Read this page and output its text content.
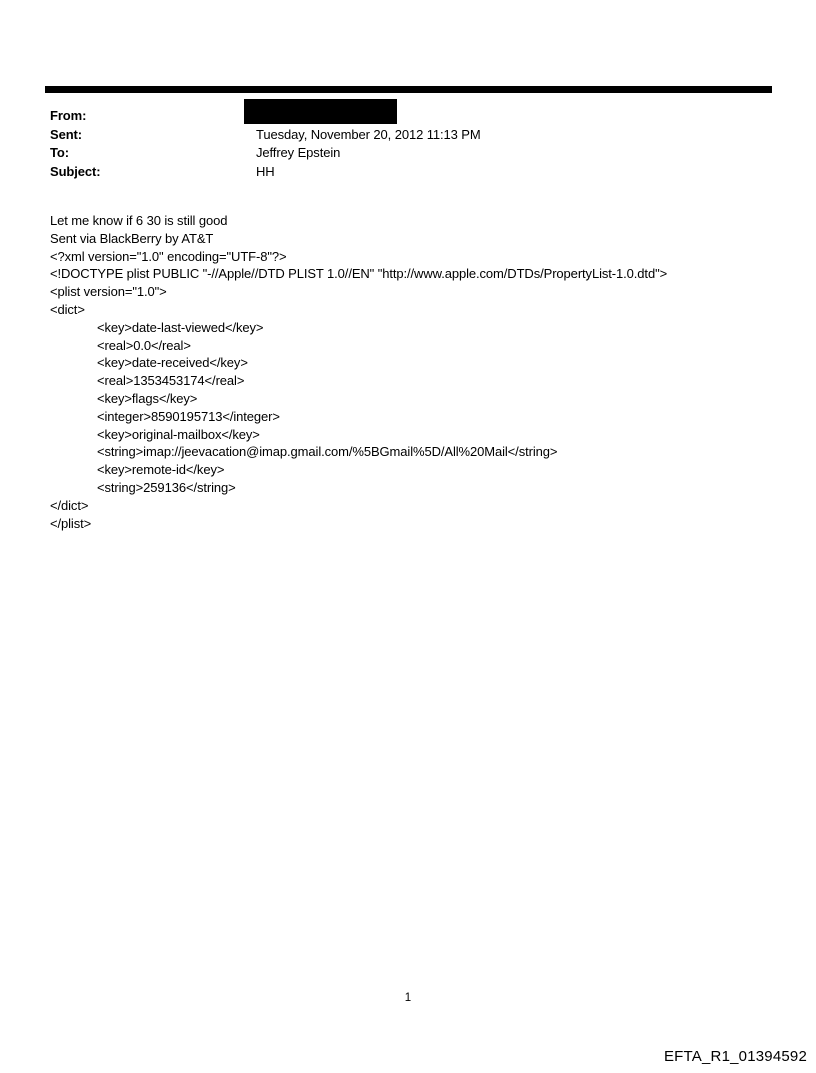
From:
Sent:	Tuesday, November 20, 2012 11:13 PM
To:	Jeffrey Epstein
Subject:	HH
Let me know if 6 30 is still good
Sent via BlackBerry by AT&T
<?xml version="1.0" encoding="UTF-8"?>
<!DOCTYPE plist PUBLIC "-//Apple//DTD PLIST 1.0//EN" "http://www.apple.com/DTDs/PropertyList-1.0.dtd">
<plist version="1.0">
<dict>
<key>date-last-viewed</key>
<real>0.0</real>
<key>date-received</key>
<real>1353453174</real>
<key>flags</key>
<integer>8590195713</integer>
<key>original-mailbox</key>
<string>imap://jeevacation@imap.gmail.com/%5BGmail%5D/All%20Mail</string>
<key>remote-id</key>
<string>259136</string>
</dict>
</plist>
1
EFTA_R1_01394592
